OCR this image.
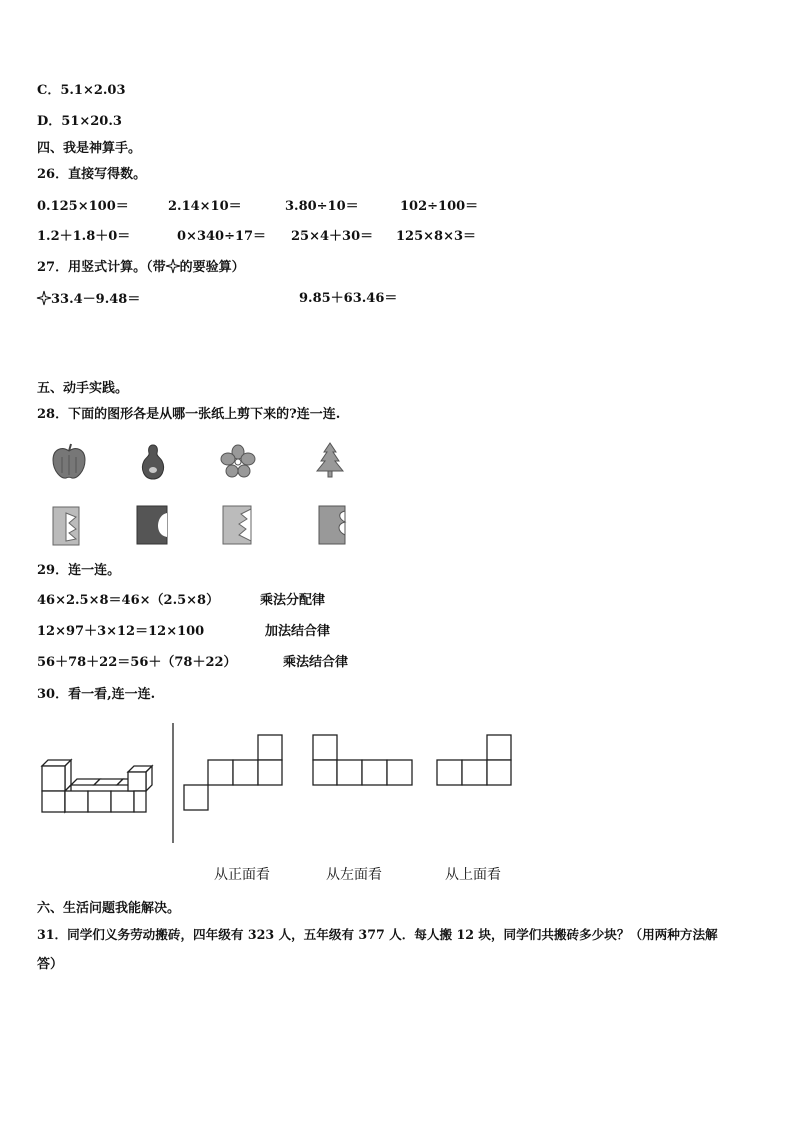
C．5.1×2.03
D．51×20.3
四、我是神算手。
26．直接写得数。
0.125×100＝	2.14×10＝	3.80÷10＝	102÷100＝
1.2＋1.8＋0＝	0×340÷17＝ 25×4＋30＝ 125×8×3＝
27．用竖式计算。（带 的要验算）
33.4－9.48＝	9.85＋63.46＝
五、动手实践。
28．下面的图形各是从哪一张纸上剪下来的?连一连.
29．连一连。
46×2.5×8＝46×（2.5×8）
12×97＋3×12＝12×100
56＋78＋22＝56＋（78＋22）
乘法分配律
加法结合律
乘法结合律
30．看一看,连一连.
从正面看	从左面看	从上面看
六、生活问题我能解决。
31．同学们义务劳动搬砖，四年级有 323 人，五年级有 377 人．每人搬 12 块，同学们共搬砖多少块？（用两种方法解
答）
